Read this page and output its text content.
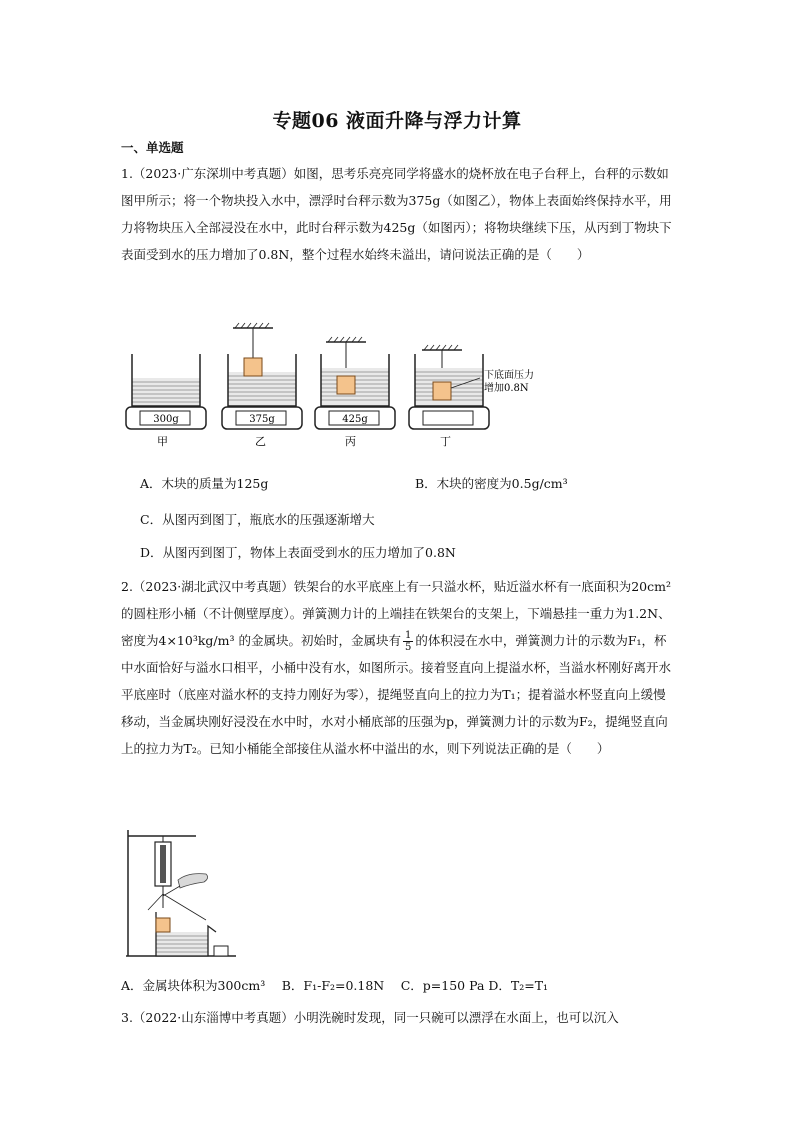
专题06 液面升降与浮力计算
一、单选题

1.（2023·广东深圳中考真题）如图，思考乐亮亮同学将盛水的烧杯放在电子台秤上，台秤的示数如图甲所示；将一个物块投入水中，漂浮时台秤示数为375g（如图乙），物体上表面始终保持水平，用力将物块压入全部浸没在水中，此时台秤示数为425g（如图丙）；将物块继续下压，从丙到丁物块下表面受到水的压力增加了0.8N，整个过程水始终未溢出，请问说法正确的是（　　）

300g	375g	425g
甲	乙	丙	丁
下底面压力
增加0.8N
A．木块的质量为125g	B．木块的密度为0.5g/cm³
C．从图丙到图丁，瓶底水的压强逐渐增大
D．从图丙到图丁，物体上表面受到水的压力增加了0.8N

2.（2023·湖北武汉中考真题）铁架台的水平底座上有一只溢水杯，贴近溢水杯有一底面积为20cm² 的圆柱形小桶（不计侧壁厚度）。弹簧测力计的上端挂在铁架台的支架上，下端悬挂一重力为1.2N、密度为4×10³kg/m³ 的金属块。初始时，金属块有 $\frac{1}{5}$ 的体积浸在水中，弹簧测力计的示数为F₁，杯中水面恰好与溢水口相平，小桶中没有水，如图所示。接着竖直向上提溢水杯，当溢水杯刚好离开水平底座时（底座对溢水杯的支持力刚好为零），提绳竖直向上的拉力为T₁；提着溢水杯竖直向上缓慢移动，当金属块刚好浸没在水中时，水对小桶底部的压强为p，弹簧测力计的示数为F₂，提绳竖直向上的拉力为T₂。已知小桶能全部接住从溢水杯中溢出的水，则下列说法正确的是（　　）

A．金属块体积为300cm³　 B．F₁-F₂=0.18N　 C．p=150 Pa D．T₂=T₁

3.（2022·山东淄博中考真题）小明洗碗时发现，同一只碗可以漂浮在水面上，也可以沉入
